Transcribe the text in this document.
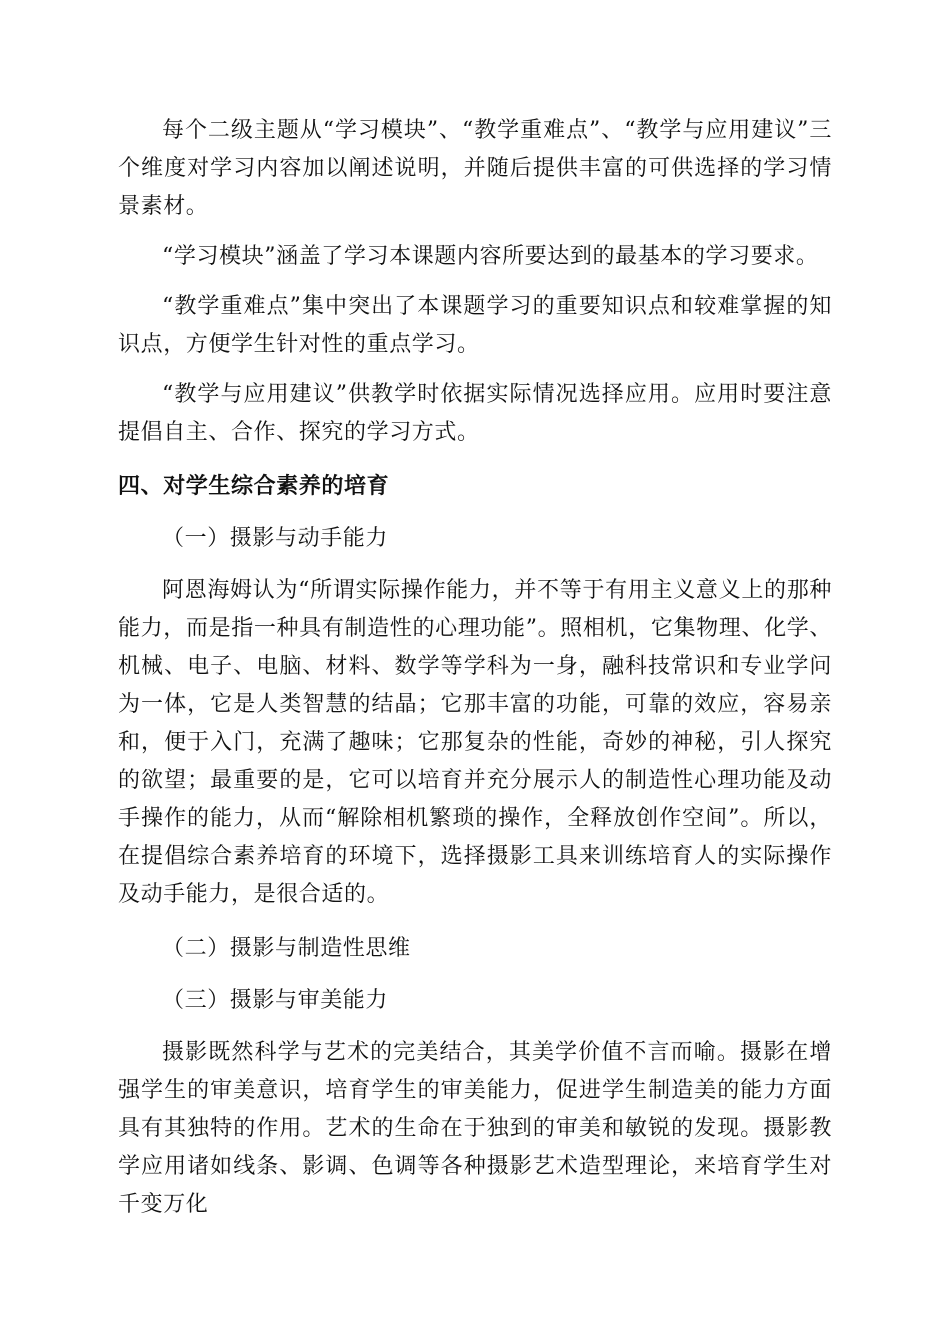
每个二级主题从“学习模块”、“教学重难点”、“教学与应用建议”三个维度对学习内容加以阐述说明，并随后提供丰富的可供选择的学习情景素材。

“学习模块”涵盖了学习本课题内容所要达到的最基本的学习要求。

“教学重难点”集中突出了本课题学习的重要知识点和较难掌握的知识点，方便学生针对性的重点学习。

“教学与应用建议”供教学时依据实际情况选择应用。应用时要注意提倡自主、合作、探究的学习方式。

四、对学生综合素养的培育

（一）摄影与动手能力

阿恩海姆认为“所谓实际操作能力，并不等于有用主义意义上的那种能力，而是指一种具有制造性的心理功能”。照相机，它集物理、化学、机械、电子、电脑、材料、数学等学科为一身，融科技常识和专业学问为一体，它是人类智慧的结晶；它那丰富的功能，可靠的效应，容易亲和，便于入门，充满了趣味；它那复杂的性能，奇妙的神秘，引人探究的欲望；最重要的是，它可以培育并充分展示人的制造性心理功能及动手操作的能力，从而“解除相机繁琐的操作，全释放创作空间”。所以，在提倡综合素养培育的环境下，选择摄影工具来训练培育人的实际操作及动手能力，是很合适的。

（二）摄影与制造性思维

（三）摄影与审美能力

摄影既然科学与艺术的完美结合，其美学价值不言而喻。摄影在增强学生的审美意识，培育学生的审美能力，促进学生制造美的能力方面具有其独特的作用。艺术的生命在于独到的审美和敏锐的发现。摄影教学应用诸如线条、影调、色调等各种摄影艺术造型理论，来培育学生对千变万化
